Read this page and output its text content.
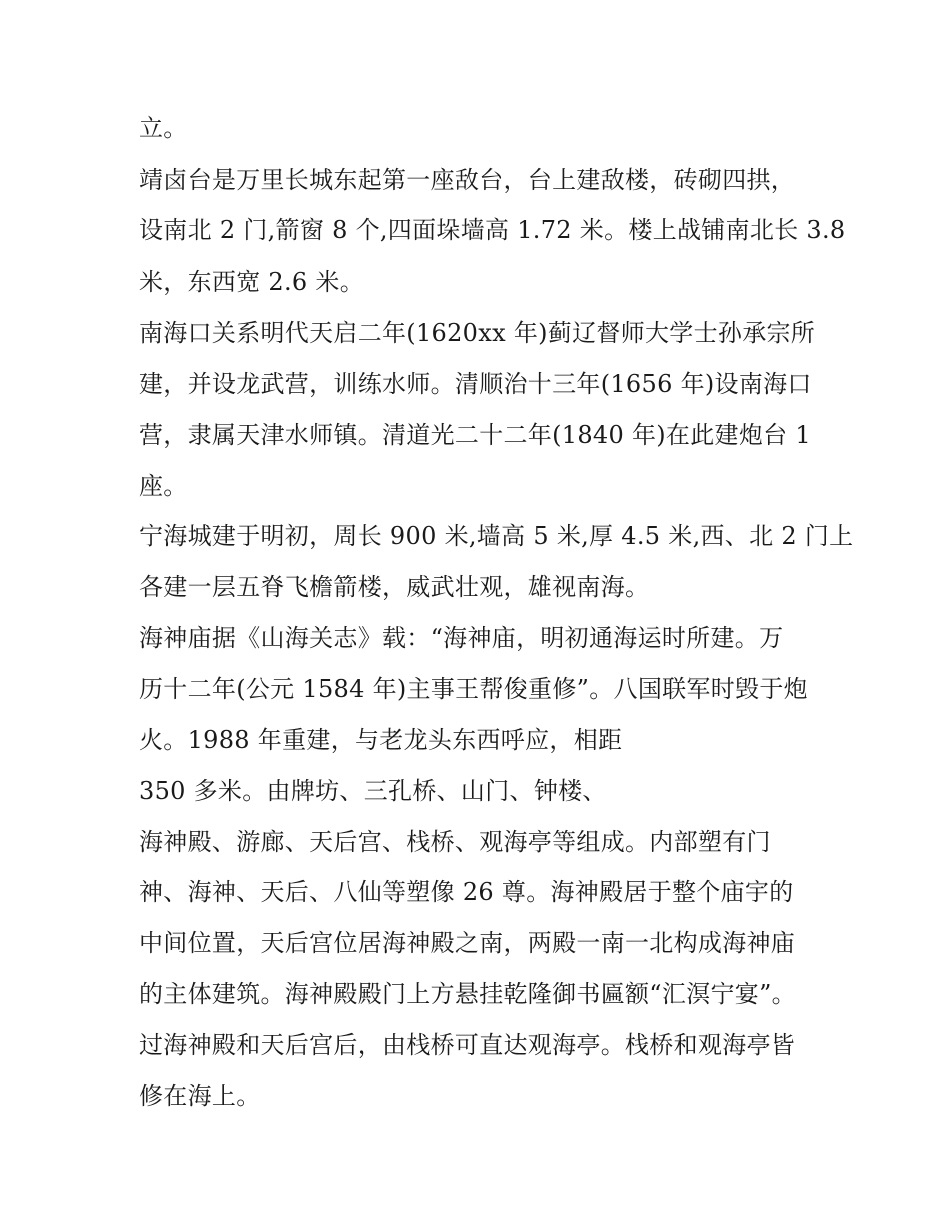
立。
靖卤台是万里长城东起第一座敌台，台上建敌楼，砖砌四拱，
设南北 2 门,箭窗 8 个,四面垛墙高 1.72 米。楼上战铺南北长 3.8
米，东西宽 2.6 米。
南海口关系明代天启二年(1620xx 年)蓟辽督师大学士孙承宗所
建，并设龙武营，训练水师。清顺治十三年(1656 年)设南海口
营，隶属天津水师镇。清道光二十二年(1840 年)在此建炮台 1
座。
宁海城建于明初，周长 900 米,墙高 5 米,厚 4.5 米,西、北 2 门上
各建一层五脊飞檐箭楼，威武壮观，雄视南海。
海神庙据《山海关志》载：“海神庙，明初通海运时所建。万
历十二年(公元 1584 年)主事王帮俊重修”。八国联军时毁于炮
火。1988 年重建，与老龙头东西呼应，相距
350 多米。由牌坊、三孔桥、山门、钟楼、
海神殿、游廊、天后宫、栈桥、观海亭等组成。内部塑有门
神、海神、天后、八仙等塑像 26 尊。海神殿居于整个庙宇的
中间位置，天后宫位居海神殿之南，两殿一南一北构成海神庙
的主体建筑。海神殿殿门上方悬挂乾隆御书匾额“汇溟宁宴”。
过海神殿和天后宫后，由栈桥可直达观海亭。栈桥和观海亭皆
修在海上。
